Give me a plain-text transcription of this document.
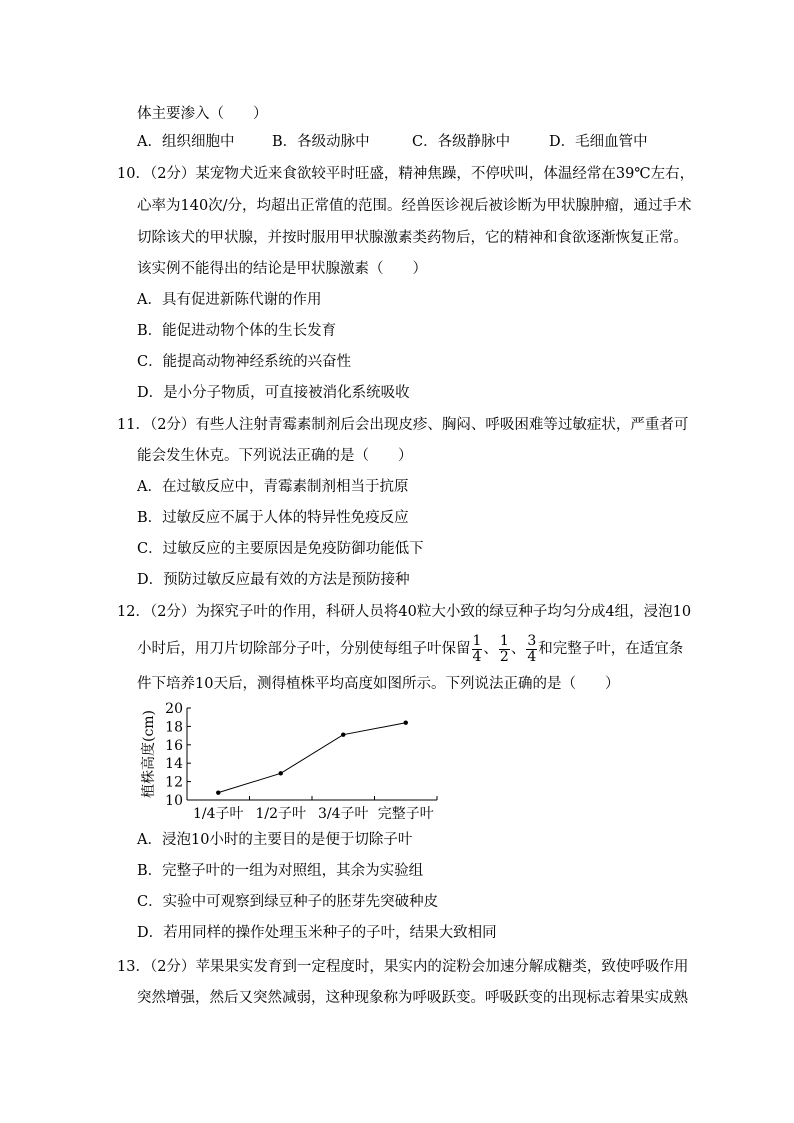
体主要渗入（　　）
A．组织细胞中	B．各级动脉中	C．各级静脉中	D．毛细血管中
10．（2分）某宠物犬近来食欲较平时旺盛，精神焦躁，不停吠叫，体温经常在39℃左右，
心率为140次/分，均超出正常值的范围。经兽医诊视后被诊断为甲状腺肿瘤，通过手术
切除该犬的甲状腺，并按时服用甲状腺激素类药物后，它的精神和食欲逐渐恢复正常。
该实例不能得出的结论是甲状腺激素（　　）
A．具有促进新陈代谢的作用
B．能促进动物个体的生长发育
C．能提高动物神经系统的兴奋性
D．是小分子物质，可直接被消化系统吸收
11．（2分）有些人注射青霉素制剂后会出现皮疹、胸闷、呼吸困难等过敏症状，严重者可
能会发生休克。下列说法正确的是（　　）
A．在过敏反应中，青霉素制剂相当于抗原
B．过敏反应不属于人体的特异性免疫反应
C．过敏反应的主要原因是免疫防御功能低下
D．预防过敏反应最有效的方法是预防接种
12．（2分）为探究子叶的作用，科研人员将40粒大小致的绿豆种子均匀分成4组，浸泡10
小时后，用刀片切除部分子叶，分别使每组子叶保留 $\frac{1}{4}$ 、 $\frac{1}{2}$ 、 $\frac{3}{4}$ 和完整子叶，在适宜条
件下培养10天后，测得植株平均高度如图所示。下列说法正确的是（　　）
10
12
14
16
18
20
1/4子叶 1/2子叶 3/4子叶 完整子叶
植株高度(cm)
A．浸泡10小时的主要目的是便于切除子叶
B．完整子叶的一组为对照组，其余为实验组
C．实验中可观察到绿豆种子的胚芽先突破种皮
D．若用同样的操作处理玉米种子的子叶，结果大致相同
13．（2分）苹果果实发育到一定程度时，果实内的淀粉会加速分解成糖类，致使呼吸作用
突然增强，然后又突然减弱，这种现象称为呼吸跃变。呼吸跃变的出现标志着果实成熟
